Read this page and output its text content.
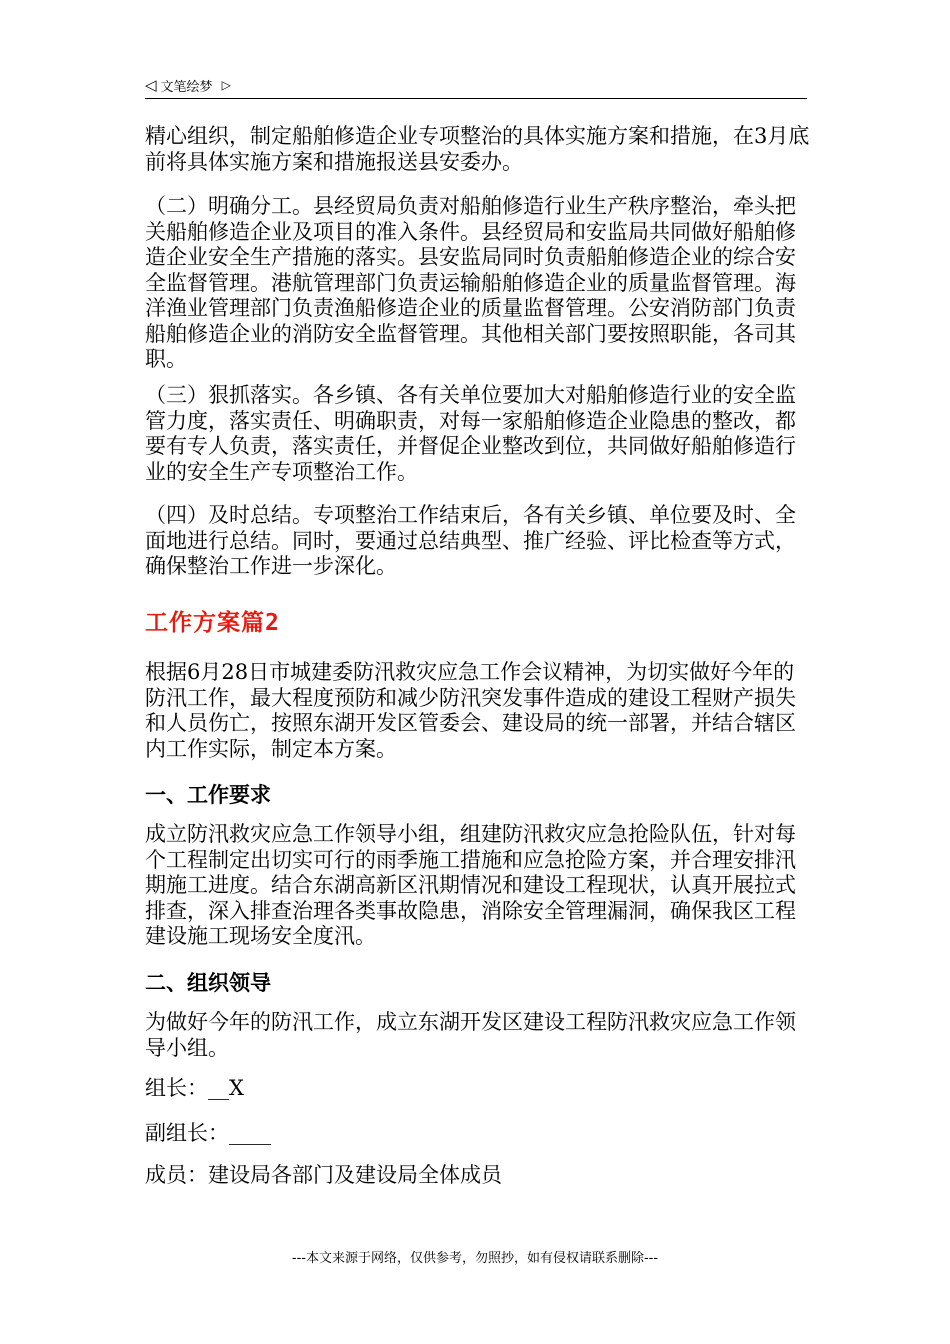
◁ 文笔绘梦 ▷

精心组织，制定船舶修造企业专项整治的具体实施方案和措施，在3月底前将具体实施方案和措施报送县安委办。

（二）明确分工。县经贸局负责对船舶修造行业生产秩序整治，牵头把关船舶修造企业及项目的准入条件。县经贸局和安监局共同做好船舶修造企业安全生产措施的落实。县安监局同时负责船舶修造企业的综合安全监督管理。港航管理部门负责运输船舶修造企业的质量监督管理。海洋渔业管理部门负责渔船修造企业的质量监督管理。公安消防部门负责船舶修造企业的消防安全监督管理。其他相关部门要按照职能，各司其职。

（三）狠抓落实。各乡镇、各有关单位要加大对船舶修造行业的安全监管力度，落实责任、明确职责，对每一家船舶修造企业隐患的整改，都要有专人负责，落实责任，并督促企业整改到位，共同做好船舶修造行业的安全生产专项整治工作。

（四）及时总结。专项整治工作结束后，各有关乡镇、单位要及时、全面地进行总结。同时，要通过总结典型、推广经验、评比检查等方式，确保整治工作进一步深化。

工作方案篇2

根据6月28日市城建委防汛救灾应急工作会议精神，为切实做好今年的防汛工作，最大程度预防和减少防汛突发事件造成的建设工程财产损失和人员伤亡，按照东湖开发区管委会、建设局的统一部署，并结合辖区内工作实际，制定本方案。

一、工作要求

成立防汛救灾应急工作领导小组，组建防汛救灾应急抢险队伍，针对每个工程制定出切实可行的雨季施工措施和应急抢险方案，并合理安排汛期施工进度。结合东湖高新区汛期情况和建设工程现状，认真开展拉式排查，深入排查治理各类事故隐患，消除安全管理漏洞，确保我区工程建设施工现场安全度汛。

二、组织领导

为做好今年的防汛工作，成立东湖开发区建设工程防汛救灾应急工作领导小组。

组长：__X

副组长：____

成员：建设局各部门及建设局全体成员

---本文来源于网络，仅供参考，勿照抄，如有侵权请联系删除---
